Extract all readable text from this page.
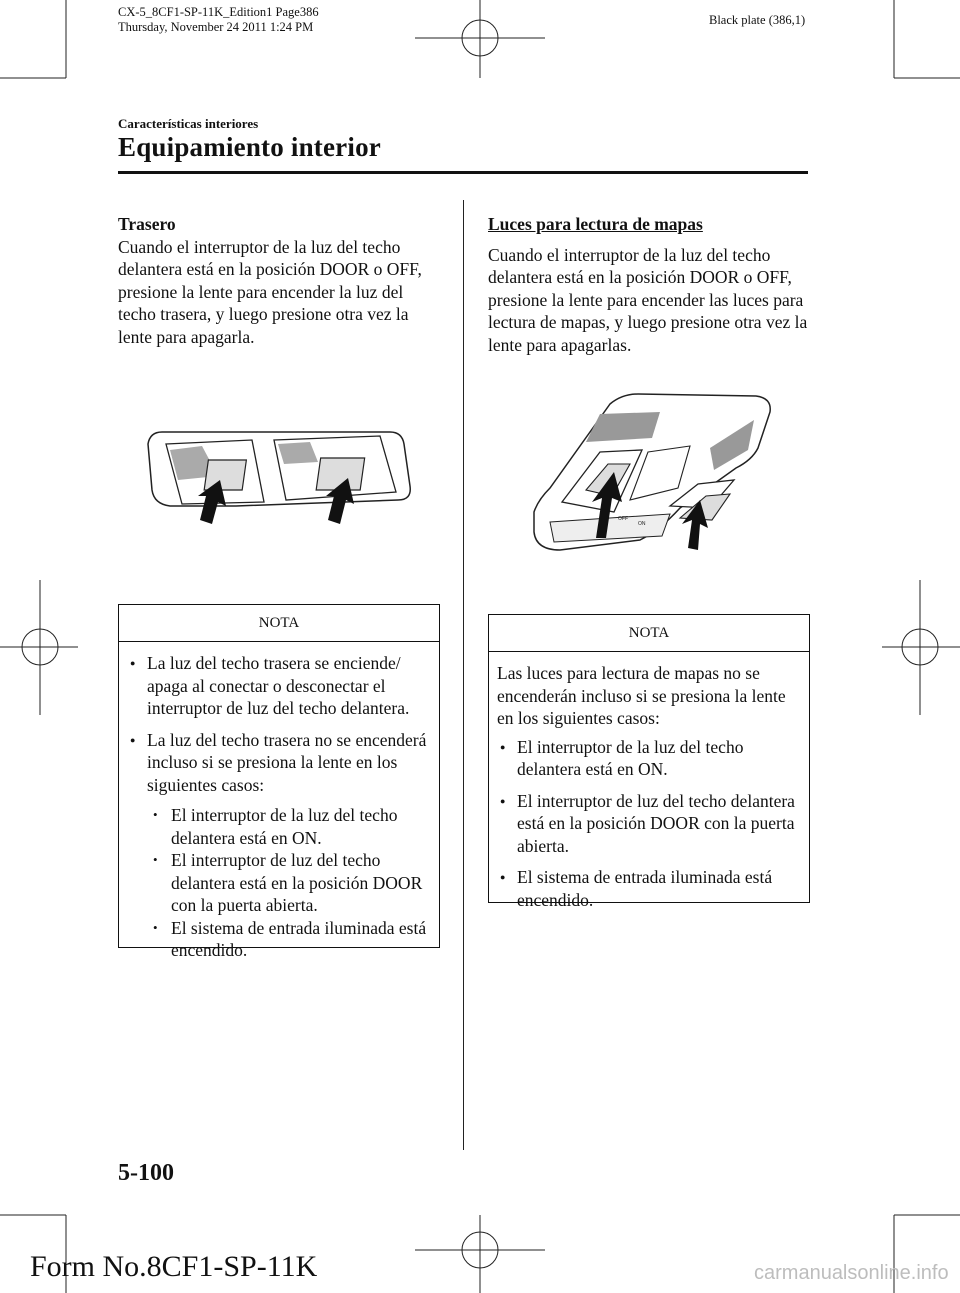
CX-5_8CF1-SP-11K_Edition1 Page386
Thursday, November 24 2011 1:24 PM	Black plate (386,1)
Características interiores
Equipamiento interior
Trasero
Cuando el interruptor de la luz del techo delantera está en la posición DOOR o OFF, presione la lente para encender la luz del techo trasera, y luego presione otra vez la lente para apagarla.
NOTA
● La luz del techo trasera se enciende/ apaga al conectar o desconectar el interruptor de luz del techo delantera.
● La luz del techo trasera no se encenderá incluso si se presiona la lente en los siguientes casos:
• El interruptor de la luz del techo delantera está en ON.
• El interruptor de luz del techo delantera está en la posición DOOR con la puerta abierta.
• El sistema de entrada iluminada está encendido.
Luces para lectura de mapas
Cuando el interruptor de la luz del techo delantera está en la posición DOOR o OFF, presione la lente para encender las luces para lectura de mapas, y luego presione otra vez la lente para apagarlas.
OFF
ON
NOTA
Las luces para lectura de mapas no se encenderán incluso si se presiona la lente en los siguientes casos:
● El interruptor de la luz del techo delantera está en ON.
● El interruptor de luz del techo delantera está en la posición DOOR con la puerta abierta.
● El sistema de entrada iluminada está encendido.
5-100
Form No.8CF1-SP-11K	carmanualsonline.info
